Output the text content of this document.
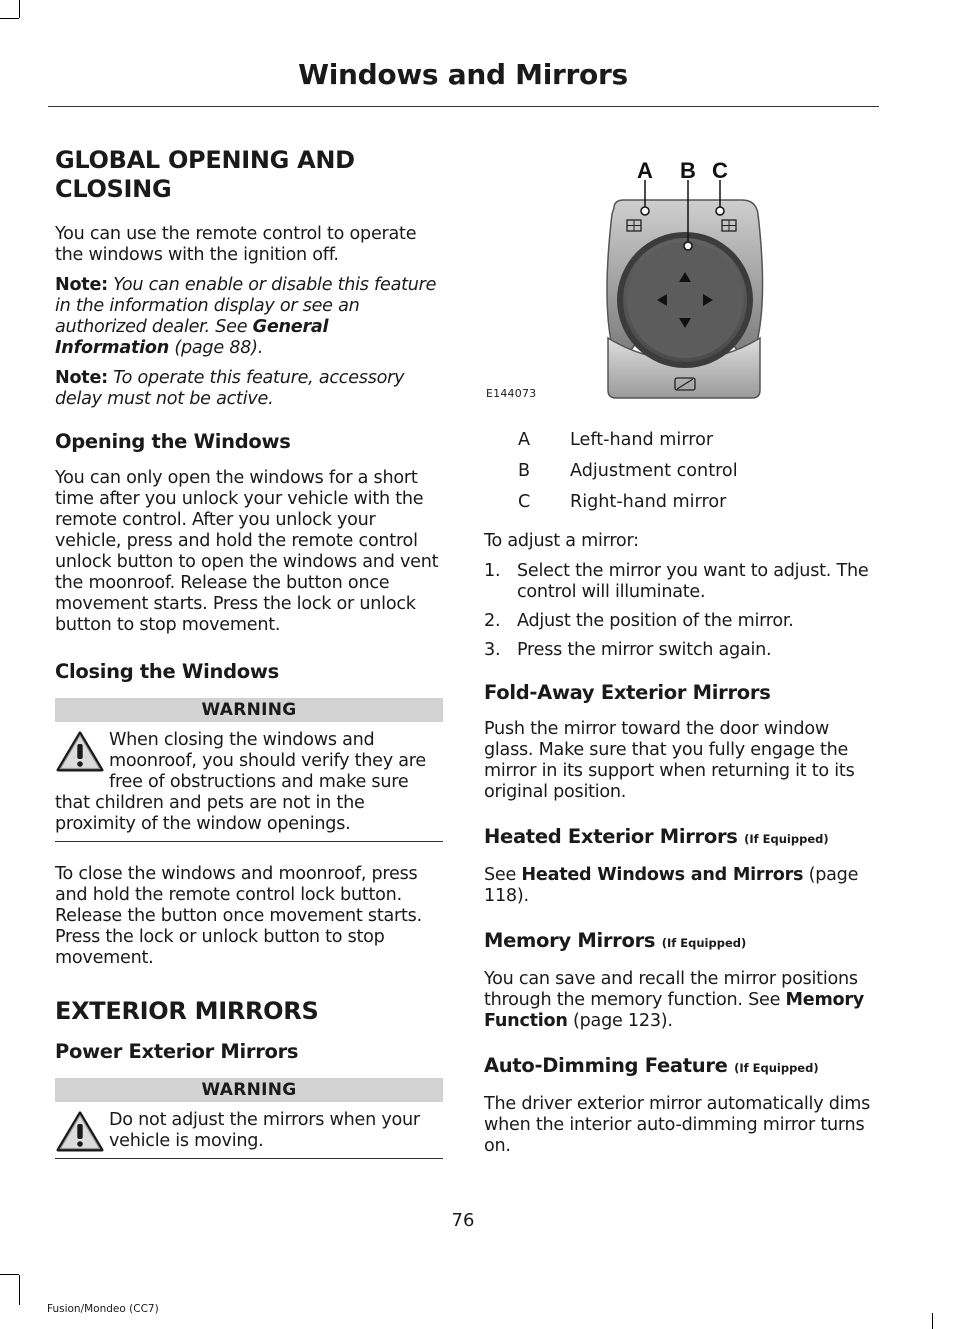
Windows and Mirrors
GLOBAL OPENING AND CLOSING

You can use the remote control to operate the windows with the ignition off.

Note: You can enable or disable this feature in the information display or see an authorized dealer. See General Information (page 88).

Note: To operate this feature, accessory delay must not be active.

Opening the Windows

You can only open the windows for a short time after you unlock your vehicle with the remote control. After you unlock your vehicle, press and hold the remote control unlock button to open the windows and vent the moonroof. Release the button once movement starts. Press the lock or unlock button to stop movement.

Closing the Windows
WARNING
When closing the windows and moonroof, you should verify they are free of obstructions and make sure that children and pets are not in the proximity of the window openings.

To close the windows and moonroof, press and hold the remote control lock button. Release the button once movement starts. Press the lock or unlock button to stop movement.

EXTERIOR MIRRORS
Power Exterior Mirrors
WARNING
Do not adjust the mirrors when your vehicle is moving.
A B C
E144073
A	Left-hand mirror
B	Adjustment control
C	Right-hand mirror

To adjust a mirror:

1. Select the mirror you want to adjust. The control will illuminate.
2. Adjust the position of the mirror.
3. Press the mirror switch again.
Fold-Away Exterior Mirrors

Push the mirror toward the door window glass. Make sure that you fully engage the mirror in its support when returning it to its original position.

Heated Exterior Mirrors (If Equipped)

See Heated Windows and Mirrors (page 118).

Memory Mirrors (If Equipped)

You can save and recall the mirror positions through the memory function. See Memory Function (page 123).

Auto-Dimming Feature (If Equipped)

The driver exterior mirror automatically dims when the interior auto-dimming mirror turns on.

76
Fusion/Mondeo (CC7)
